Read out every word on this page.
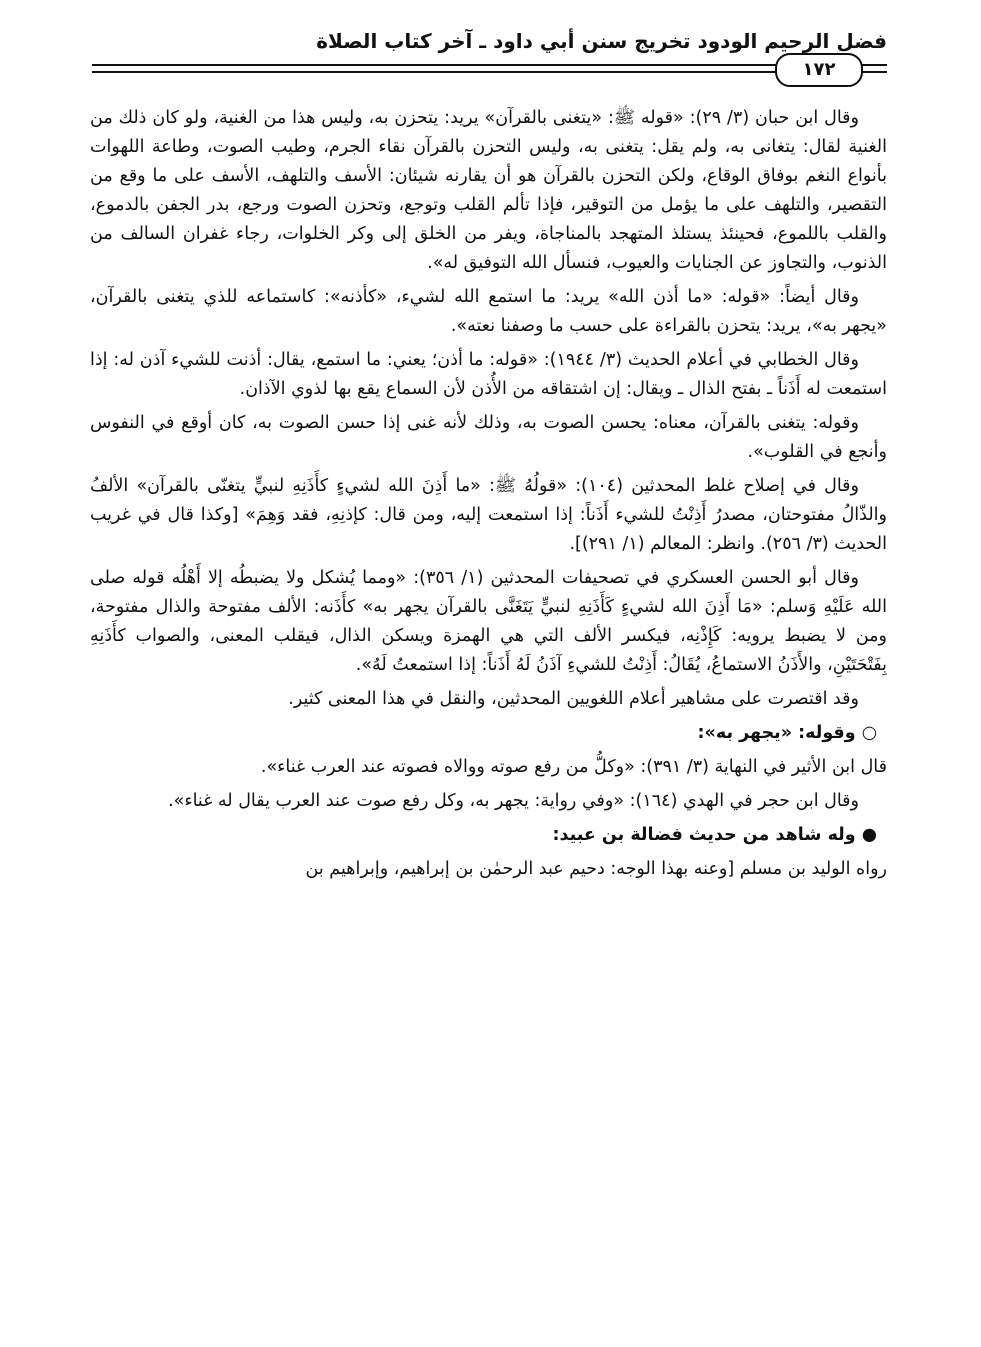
فضل الرحيم الودود تخريج سنن أبي داود ـ آخر كتاب الصلاة
١٧٢

وقال ابن حبان (٣/ ٢٩): «قوله ﷺ: «يتغنى بالقرآن» يريد: يتحزن به، وليس هذا من الغنية، ولو كان ذلك من الغنية لقال: يتغانى به، ولم يقل: يتغنى به، وليس التحزن بالقرآن نقاء الجرم، وطيب الصوت، وطاعة اللهوات بأنواع النغم بوفاق الوقاع، ولكن التحزن بالقرآن هو أن يقارنه شيئان: الأسف والتلهف، الأسف على ما وقع من التقصير، والتلهف على ما يؤمل من التوقير، فإذا تألم القلب وتوجع، وتحزن الصوت ورجع، بدر الجفن بالدموع، والقلب باللموع، فحينئذ يستلذ المتهجد بالمناجاة، ويفر من الخلق إلى وكر الخلوات، رجاء غفران السالف من الذنوب، والتجاوز عن الجنايات والعيوب، فنسأل الله التوفيق له».

وقال أيضاً: «قوله: «ما أذن الله» يريد: ما استمع الله لشيء، «كأذنه»: كاستماعه للذي يتغنى بالقرآن، «يجهر به»، يريد: يتحزن بالقراءة على حسب ما وصفنا نعته».

وقال الخطابي في أعلام الحديث (٣/ ١٩٤٤): «قوله: ما أذن؛ يعني: ما استمع، يقال: أذنت للشيء آذن له: إذا استمعت له أَذَناً ـ بفتح الذال ـ ويقال: إن اشتقاقه من الأُذن لأن السماع يقع بها لذوي الآذان.

وقوله: يتغنى بالقرآن، معناه: يحسن الصوت به، وذلك لأنه غنى إذا حسن الصوت به، كان أوقع في النفوس وأنجع في القلوب».

وقال في إصلاح غلط المحدثين (١٠٤): «قولُهُ ﷺ: «ما أَذِنَ الله لشيءٍ كأَذَنِهِ لنبيٍّ يتغنّى بالقرآن» الألفُ والذّالُ مفتوحتان، مصدرُ أَذِنْتُ للشيء أَذَناً: إذا استمعت إليه، ومن قال: كإذنِهِ، فقد وَهِمَ» [وكذا قال في غريب الحديث (٣/ ٢٥٦). وانظر: المعالم (١/ ٢٩١)].

وقال أبو الحسن العسكري في تصحيفات المحدثين (١/ ٣٥٦): «ومما يُشكل ولا يضبطُه إلا أَهْلُه قوله صلى الله عَلَيْهِ وَسلم: «مَا أَذِنَ الله لشيءٍ كَأَذَنِهِ لنبيٍّ يَتَغَنَّى بالقرآن يجهر به» كأَذَنه: الألف مفتوحة والذال مفتوحة، ومن لا يضبط يرويه: كَإِذْنِه، فيكسر الألف التي هي الهمزة ويسكن الذال، فيقلب المعنى، والصواب كأَذَنِهِ بِفَتْحَتَيْنِ، والأَذَنُ الاستماعُ، يُقَالُ: أَذِنْتُ للشيءِ آذَنُ لَهُ أَذَناً: إذا استمعتُ لَهُ».

وقد اقتصرت على مشاهير أعلام اللغويين المحدثين، والنقل في هذا المعنى كثير.

○ وقوله: «يجهر به»:

قال ابن الأثير في النهاية (٣/ ٣٩١): «وكلُّ من رفع صوته ووالاه فصوته عند العرب غناء».

وقال ابن حجر في الهدي (١٦٤): «وفي رواية: يجهر به، وكل رفع صوت عند العرب يقال له غناء».

● وله شاهد من حديث فضالة بن عبيد:

رواه الوليد بن مسلم [وعنه بهذا الوجه: دحيم عبد الرحمٰن بن إبراهيم، وإبراهيم بن
